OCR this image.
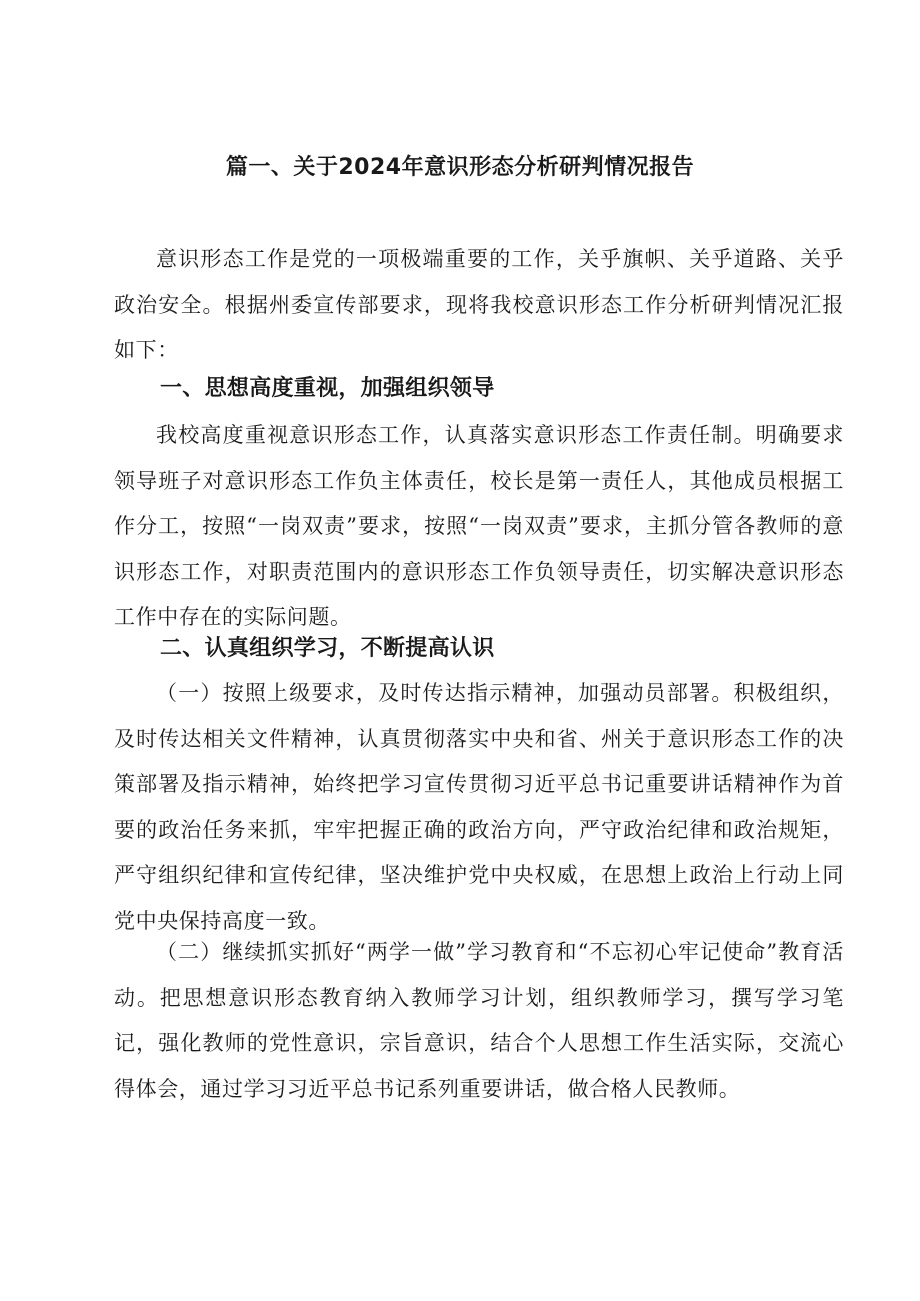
篇一、关于2024年意识形态分析研判情况报告
意识形态工作是党的一项极端重要的工作，关乎旗帜、关乎道路、关乎政治安全。根据州委宣传部要求，现将我校意识形态工作分析研判情况汇报如下：
一、思想高度重视，加强组织领导
我校高度重视意识形态工作，认真落实意识形态工作责任制。明确要求领导班子对意识形态工作负主体责任，校长是第一责任人，其他成员根据工作分工，按照“一岗双责”要求，按照“一岗双责”要求，主抓分管各教师的意识形态工作，对职责范围内的意识形态工作负领导责任，切实解决意识形态工作中存在的实际问题。
二、认真组织学习，不断提高认识
（一）按照上级要求，及时传达指示精神，加强动员部署。积极组织，及时传达相关文件精神，认真贯彻落实中央和省、州关于意识形态工作的决策部署及指示精神，始终把学习宣传贯彻习近平总书记重要讲话精神作为首要的政治任务来抓，牢牢把握正确的政治方向，严守政治纪律和政治规矩，严守组织纪律和宣传纪律，坚决维护党中央权威，在思想上政治上行动上同党中央保持高度一致。
（二）继续抓实抓好“两学一做”学习教育和“不忘初心牢记使命”教育活动。把思想意识形态教育纳入教师学习计划，组织教师学习，撰写学习笔记，强化教师的党性意识，宗旨意识，结合个人思想工作生活实际，交流心得体会，通过学习习近平总书记系列重要讲话，做合格人民教师。
